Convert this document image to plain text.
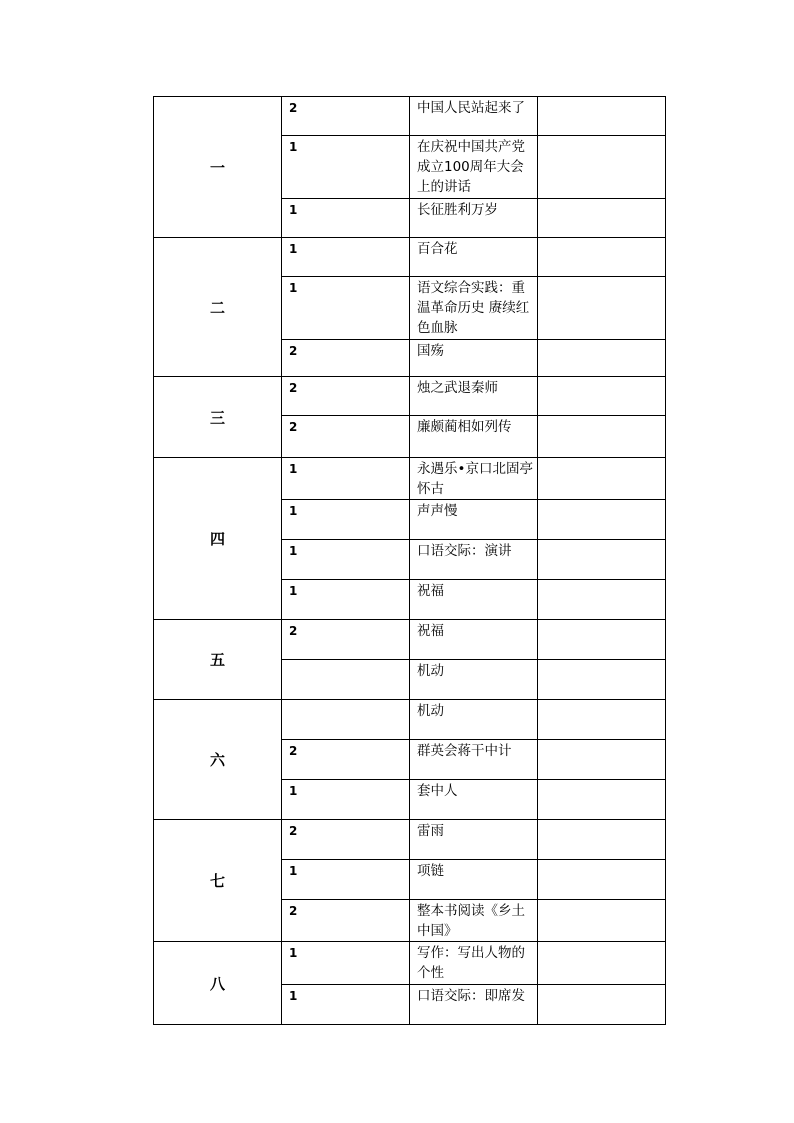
一	2	中国人民站起来了	

	1	在庆祝中国共产党成立100周年大会上的讲话	

	1	长征胜利万岁	

二	1	百合花	

	1	语文综合实践：重温革命历史 赓续红色血脉	

	2	国殇	

三	2	烛之武退秦师	

	2	廉颇蔺相如列传	

四	1	永遇乐•京口北固亭怀古	

	1	声声慢	

	1	口语交际：演讲	

	1	祝福	

五	2	祝福	

		机动	

六		机动	

	2	群英会蒋干中计	

	1	套中人	

七	2	雷雨	

	1	项链	

	2	整本书阅读《乡土中国》	

八	1	写作：写出人物的个性	

	1	口语交际：即席发	
